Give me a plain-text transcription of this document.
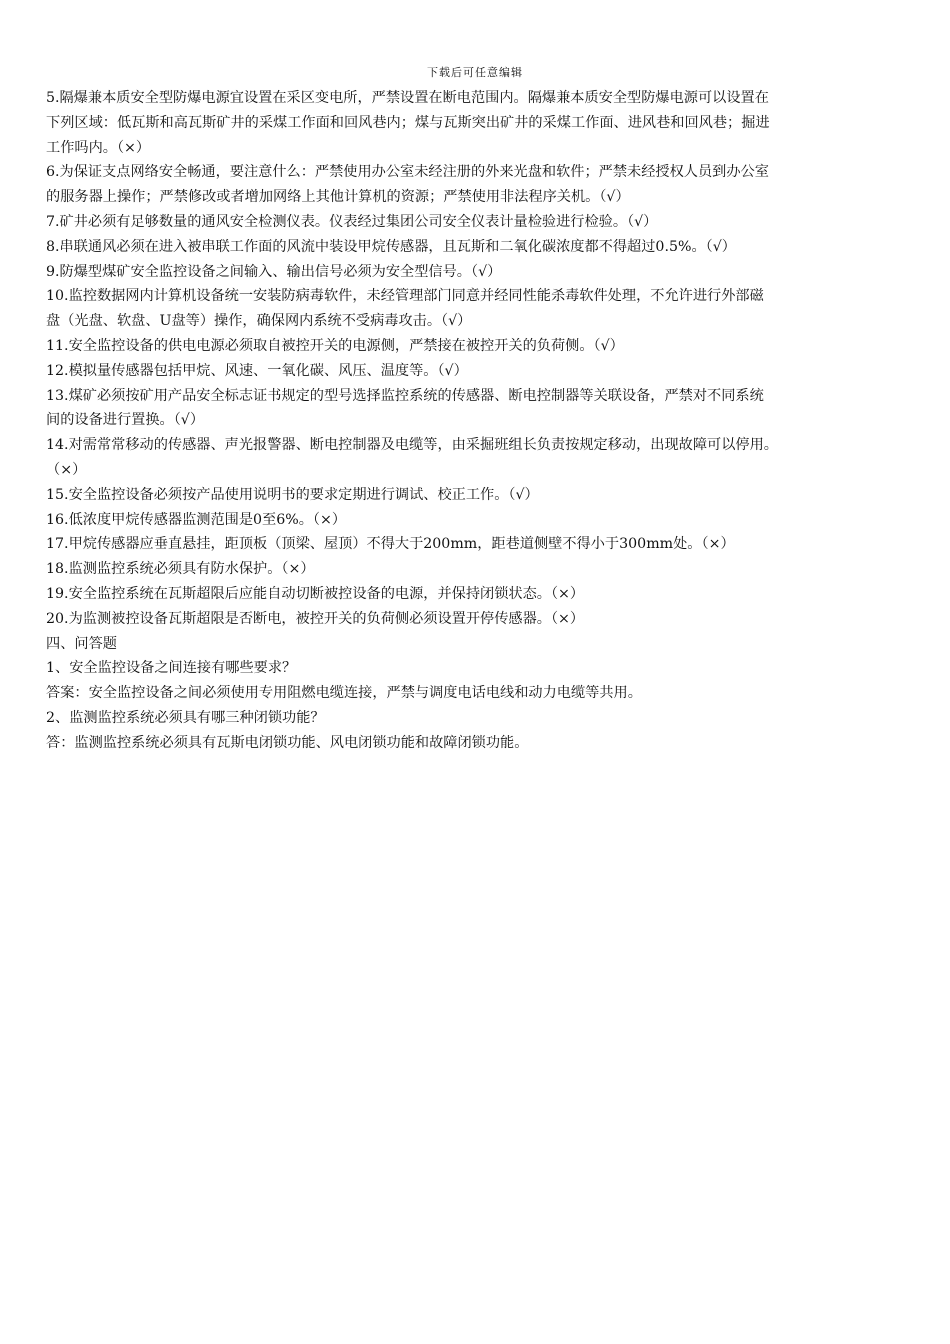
下载后可任意编辑
5.隔爆兼本质安全型防爆电源宜设置在采区变电所，严禁设置在断电范围内。隔爆兼本质安全型防爆电源可以设置在
下列区域：低瓦斯和高瓦斯矿井的采煤工作面和回风巷内；煤与瓦斯突出矿井的采煤工作面、进风巷和回风巷；掘进
工作吗内。（×）
6.为保证支点网络安全畅通，要注意什么：严禁使用办公室未经注册的外来光盘和软件；严禁未经授权人员到办公室
的服务器上操作；严禁修改或者增加网络上其他计算机的资源；严禁使用非法程序关机。（√）
7.矿井必须有足够数量的通风安全检测仪表。仪表经过集团公司安全仪表计量检验进行检验。（√）
8.串联通风必须在进入被串联工作面的风流中装设甲烷传感器，且瓦斯和二氧化碳浓度都不得超过0.5%。（√）
9.防爆型煤矿安全监控设备之间输入、输出信号必须为安全型信号。（√）
10.监控数据网内计算机设备统一安装防病毒软件，未经管理部门同意并经同性能杀毒软件处理，不允许进行外部磁
盘（光盘、软盘、U盘等）操作，确保网内系统不受病毒攻击。（√）
11.安全监控设备的供电电源必须取自被控开关的电源侧，严禁接在被控开关的负荷侧。（√）
12.模拟量传感器包括甲烷、风速、一氧化碳、风压、温度等。（√）
13.煤矿必须按矿用产品安全标志证书规定的型号选择监控系统的传感器、断电控制器等关联设备，严禁对不同系统
间的设备进行置换。（√）
14.对需常常移动的传感器、声光报警器、断电控制器及电缆等，由采掘班组长负责按规定移动，出现故障可以停用。
（×）
15.安全监控设备必须按产品使用说明书的要求定期进行调试、校正工作。（√）
16.低浓度甲烷传感器监测范围是0至6%。（×）
17.甲烷传感器应垂直悬挂，距顶板（顶梁、屋顶）不得大于200mm，距巷道侧壁不得小于300mm处。（×）
18.监测监控系统必须具有防水保护。（×）
19.安全监控系统在瓦斯超限后应能自动切断被控设备的电源，并保持闭锁状态。（×）
20.为监测被控设备瓦斯超限是否断电，被控开关的负荷侧必须设置开停传感器。（×）
四、问答题
1、安全监控设备之间连接有哪些要求？
答案：安全监控设备之间必须使用专用阻燃电缆连接，严禁与调度电话电线和动力电缆等共用。
2、监测监控系统必须具有哪三种闭锁功能？
答：监测监控系统必须具有瓦斯电闭锁功能、风电闭锁功能和故障闭锁功能。
